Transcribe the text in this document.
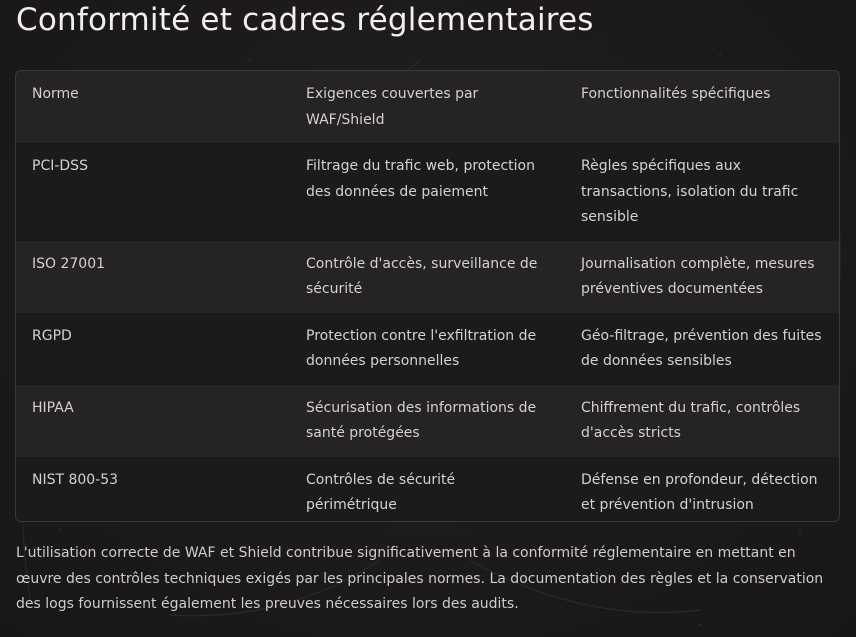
Conformité et cadres réglementaires
Norme	Exigences couvertes par WAF/Shield	Fonctionnalités spécifiques
PCI-DSS	Filtrage du trafic web, protection des données de paiement	Règles spécifiques aux transactions, isolation du trafic sensible
ISO 27001	Contrôle d'accès, surveillance de sécurité	Journalisation complète, mesures préventives documentées
RGPD	Protection contre l'exfiltration de données personnelles	Géo-filtrage, prévention des fuites de données sensibles
HIPAA	Sécurisation des informations de santé protégées	Chiffrement du trafic, contrôles d'accès stricts
NIST 800-53	Contrôles de sécurité périmétrique	Défense en profondeur, détection et prévention d'intrusion

L'utilisation correcte de WAF et Shield contribue significativement à la conformité réglementaire en mettant en œuvre des contrôles techniques exigés par les principales normes. La documentation des règles et la conservation des logs fournissent également les preuves nécessaires lors des audits.
